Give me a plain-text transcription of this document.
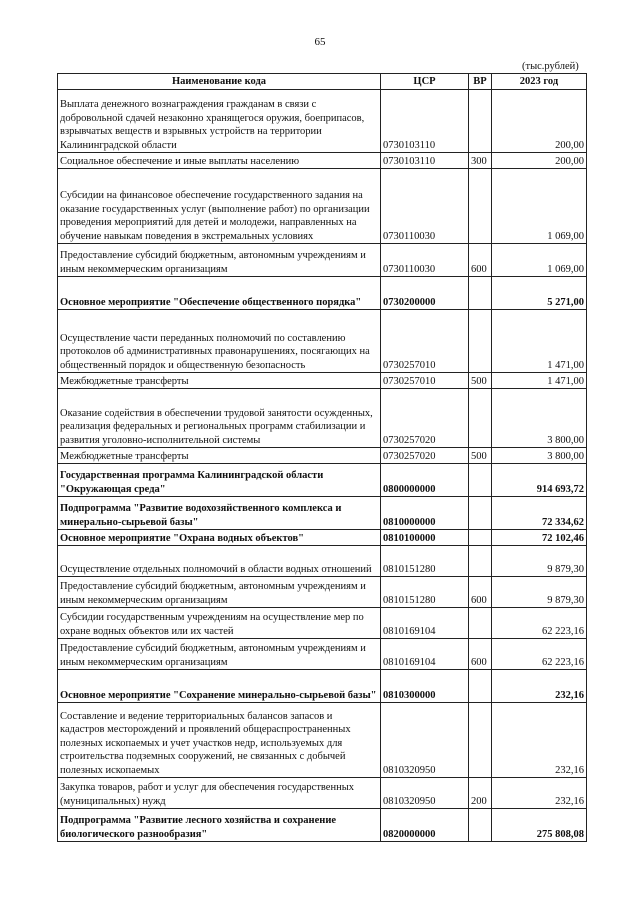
65
(тыс.рублей)
Наименование кода	ЦСР	ВР	2023 год
Выплата денежного вознаграждения гражданам в связи с добровольной сдачей незаконно хранящегося оружия, боеприпасов, взрывчатых веществ и взрывных устройств на территории Калининградской области	0730103110		200,00
Социальное обеспечение и иные выплаты населению	0730103110	300	200,00
Субсидии на финансовое обеспечение государственного задания на оказание государственных услуг (выполнение работ) по организации проведения мероприятий для детей и молодежи, направленных на обучение навыкам поведения в экстремальных условиях	0730110030		1 069,00
Предоставление субсидий бюджетным, автономным учреждениям и иным некоммерческим организациям	0730110030	600	1 069,00
Основное мероприятие "Обеспечение общественного порядка"	0730200000		5 271,00
Осуществление части переданных полномочий по составлению протоколов об административных правонарушениях, посягающих на общественный порядок и общественную безопасность	0730257010		1 471,00
Межбюджетные трансферты	0730257010	500	1 471,00
Оказание содействия в обеспечении трудовой занятости осужденных, реализация федеральных и региональных программ стабилизации и развития уголовно-исполнительной системы	0730257020		3 800,00
Межбюджетные трансферты	0730257020	500	3 800,00
Государственная программа Калининградской области "Окружающая среда"	0800000000		914 693,72
Подпрограмма "Развитие водохозяйственного комплекса и минерально-сырьевой базы"	0810000000		72 334,62
Основное мероприятие "Охрана водных объектов"	0810100000		72 102,46
Осуществление отдельных полномочий в области водных отношений	0810151280		9 879,30
Предоставление субсидий бюджетным, автономным учреждениям и иным некоммерческим организациям	0810151280	600	9 879,30
Субсидии государственным учреждениям на осуществление мер по охране водных объектов или их частей	0810169104		62 223,16
Предоставление субсидий бюджетным, автономным учреждениям и иным некоммерческим организациям	0810169104	600	62 223,16
Основное мероприятие "Сохранение минерально-сырьевой базы"	0810300000		232,16
Составление и ведение территориальных балансов запасов и кадастров месторождений и проявлений общераспространенных полезных ископаемых и учет участков недр, используемых для строительства подземных сооружений, не связанных с добычей полезных ископаемых	0810320950		232,16
Закупка товаров, работ и услуг для обеспечения государственных (муниципальных) нужд	0810320950	200	232,16
Подпрограмма "Развитие лесного хозяйства и сохранение биологического разнообразия"	0820000000		275 808,08
